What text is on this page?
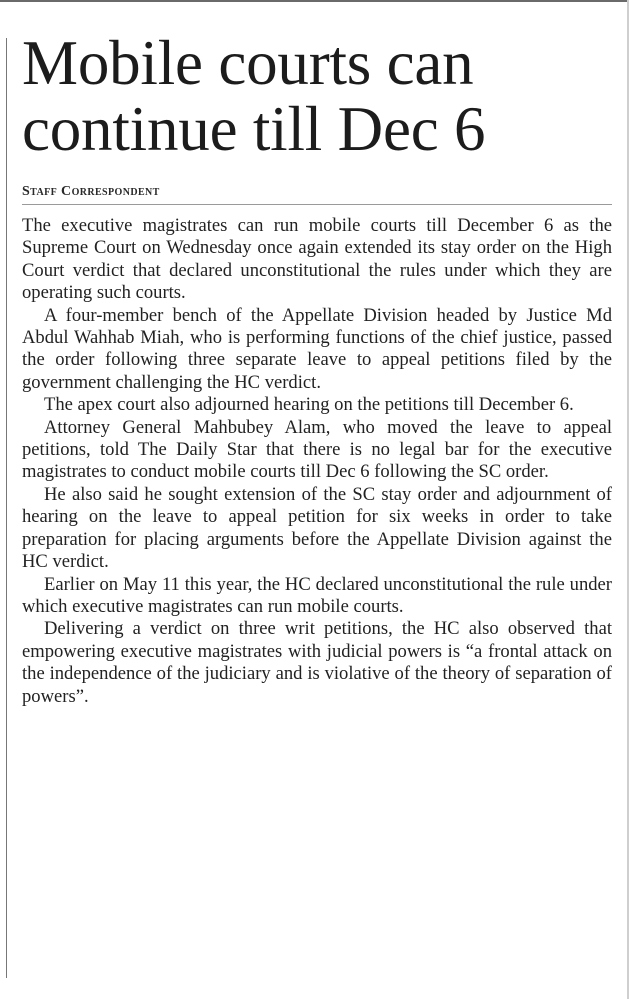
Mobile courts can
continue till Dec 6
Staff Correspondent

The executive magistrates can run mobile courts till December 6 as the Supreme Court on Wednesday once again extended its stay order on the High Court verdict that declared unconstitutional the rules under which they are operating such courts.

A four-member bench of the Appellate Division headed by Justice Md Abdul Wahhab Miah, who is performing functions of the chief justice, passed the order following three separate leave to appeal petitions filed by the government challenging the HC verdict.

The apex court also adjourned hearing on the petitions till December 6.

Attorney General Mahbubey Alam, who moved the leave to appeal petitions, told The Daily Star that there is no legal bar for the executive magistrates to conduct mobile courts till Dec 6 following the SC order.

He also said he sought extension of the SC stay order and adjournment of hearing on the leave to appeal petition for six weeks in order to take preparation for placing arguments before the Appellate Division against the HC verdict.

Earlier on May 11 this year, the HC declared unconstitutional the rule under which executive magistrates can run mobile courts.

Delivering a verdict on three writ petitions, the HC also observed that empowering executive magistrates with judicial powers is “a frontal attack on the independence of the judiciary and is violative of the theory of separation of powers”.
